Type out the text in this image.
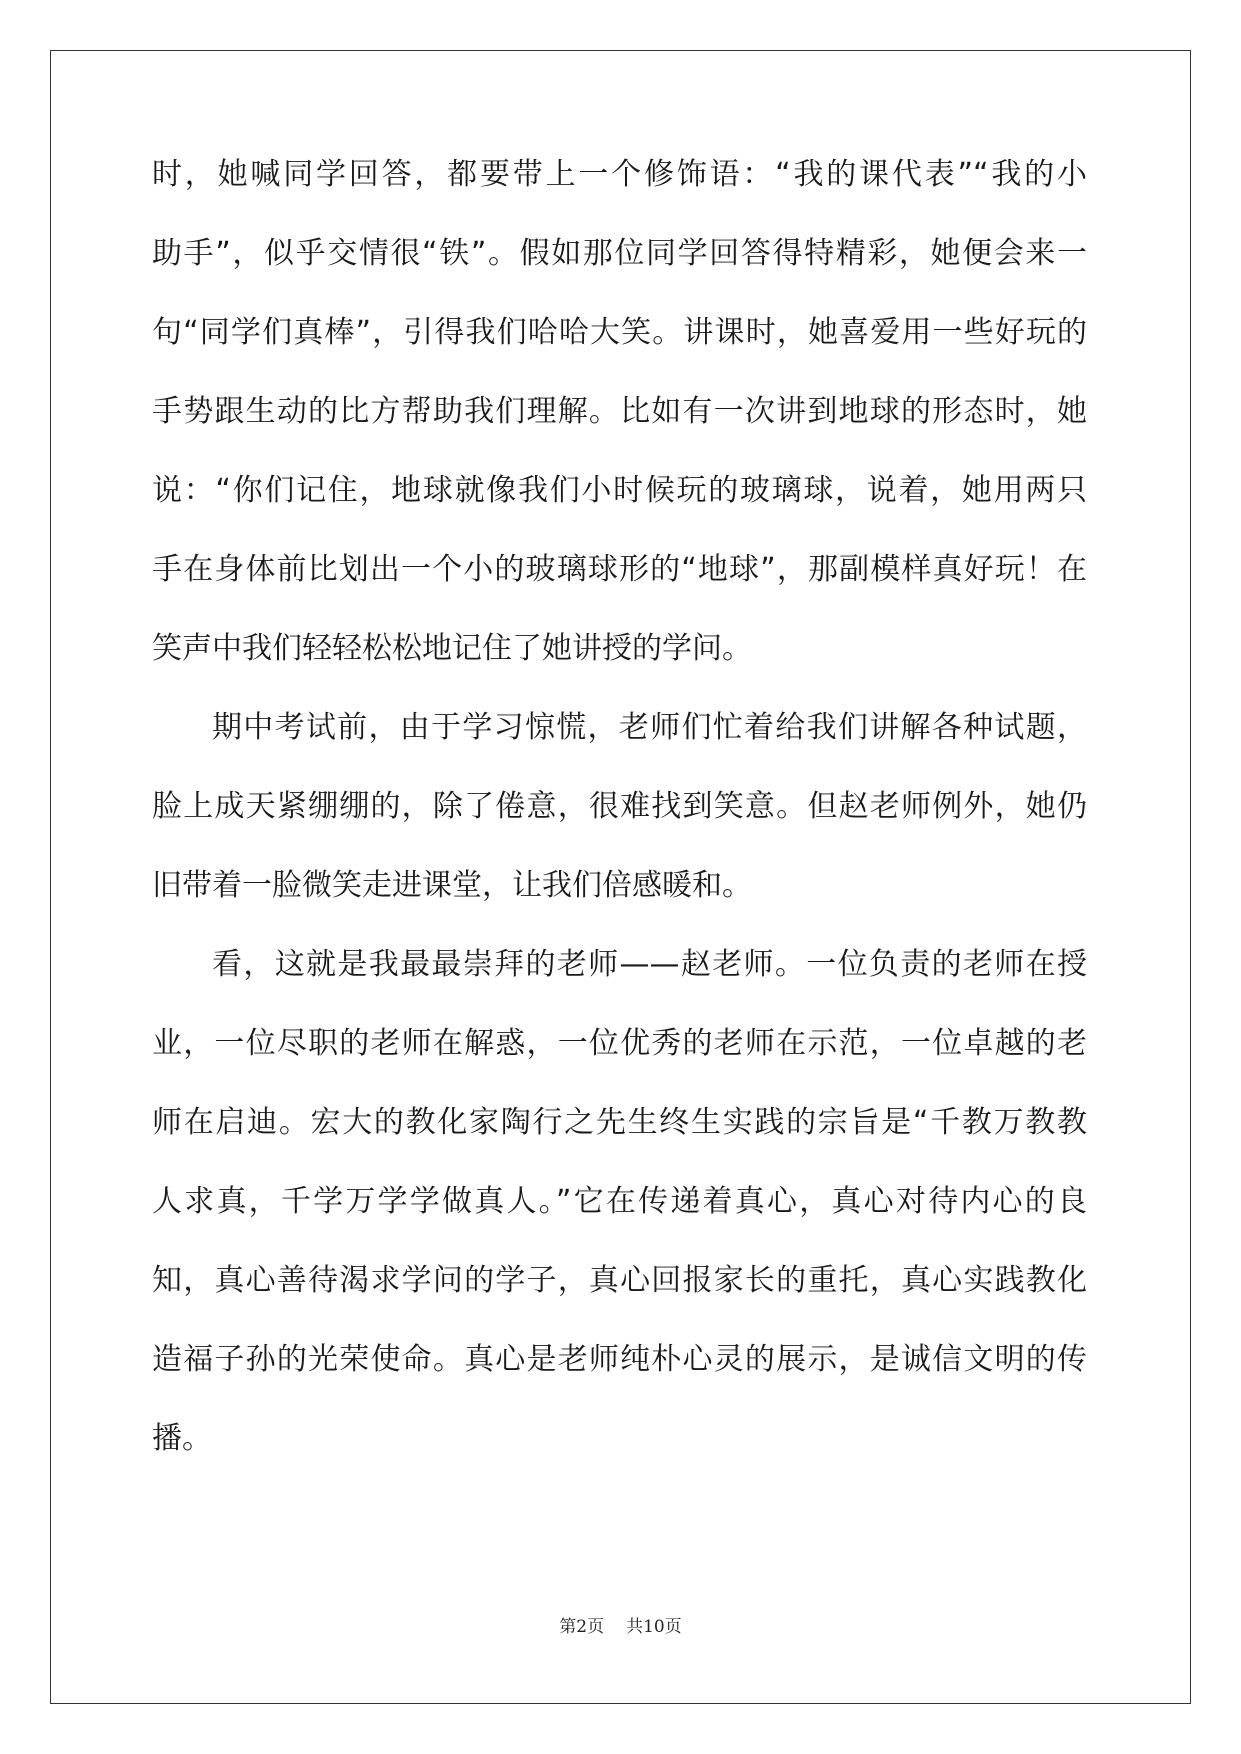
时，她喊同学回答，都要带上一个修饰语：“我的课代表”“我的小
助手”，似乎交情很“铁”。假如那位同学回答得特精彩，她便会来一
句“同学们真棒”，引得我们哈哈大笑。讲课时，她喜爱用一些好玩的
手势跟生动的比方帮助我们理解。比如有一次讲到地球的形态时，她
说：“你们记住，地球就像我们小时候玩的玻璃球，说着，她用两只
手在身体前比划出一个小的玻璃球形的“地球”，那副模样真好玩！在
笑声中我们轻轻松松地记住了她讲授的学问。
期中考试前，由于学习惊慌，老师们忙着给我们讲解各种试题，
脸上成天紧绷绷的，除了倦意，很难找到笑意。但赵老师例外，她仍
旧带着一脸微笑走进课堂，让我们倍感暖和。
看，这就是我最最崇拜的老师——赵老师。一位负责的老师在授
业，一位尽职的老师在解惑，一位优秀的老师在示范，一位卓越的老
师在启迪。宏大的教化家陶行之先生终生实践的宗旨是“千教万教教
人求真，千学万学学做真人。”它在传递着真心，真心对待内心的良
知，真心善待渴求学问的学子，真心回报家长的重托，真心实践教化
造福子孙的光荣使命。真心是老师纯朴心灵的展示，是诚信文明的传
播。
第2页 共10页
